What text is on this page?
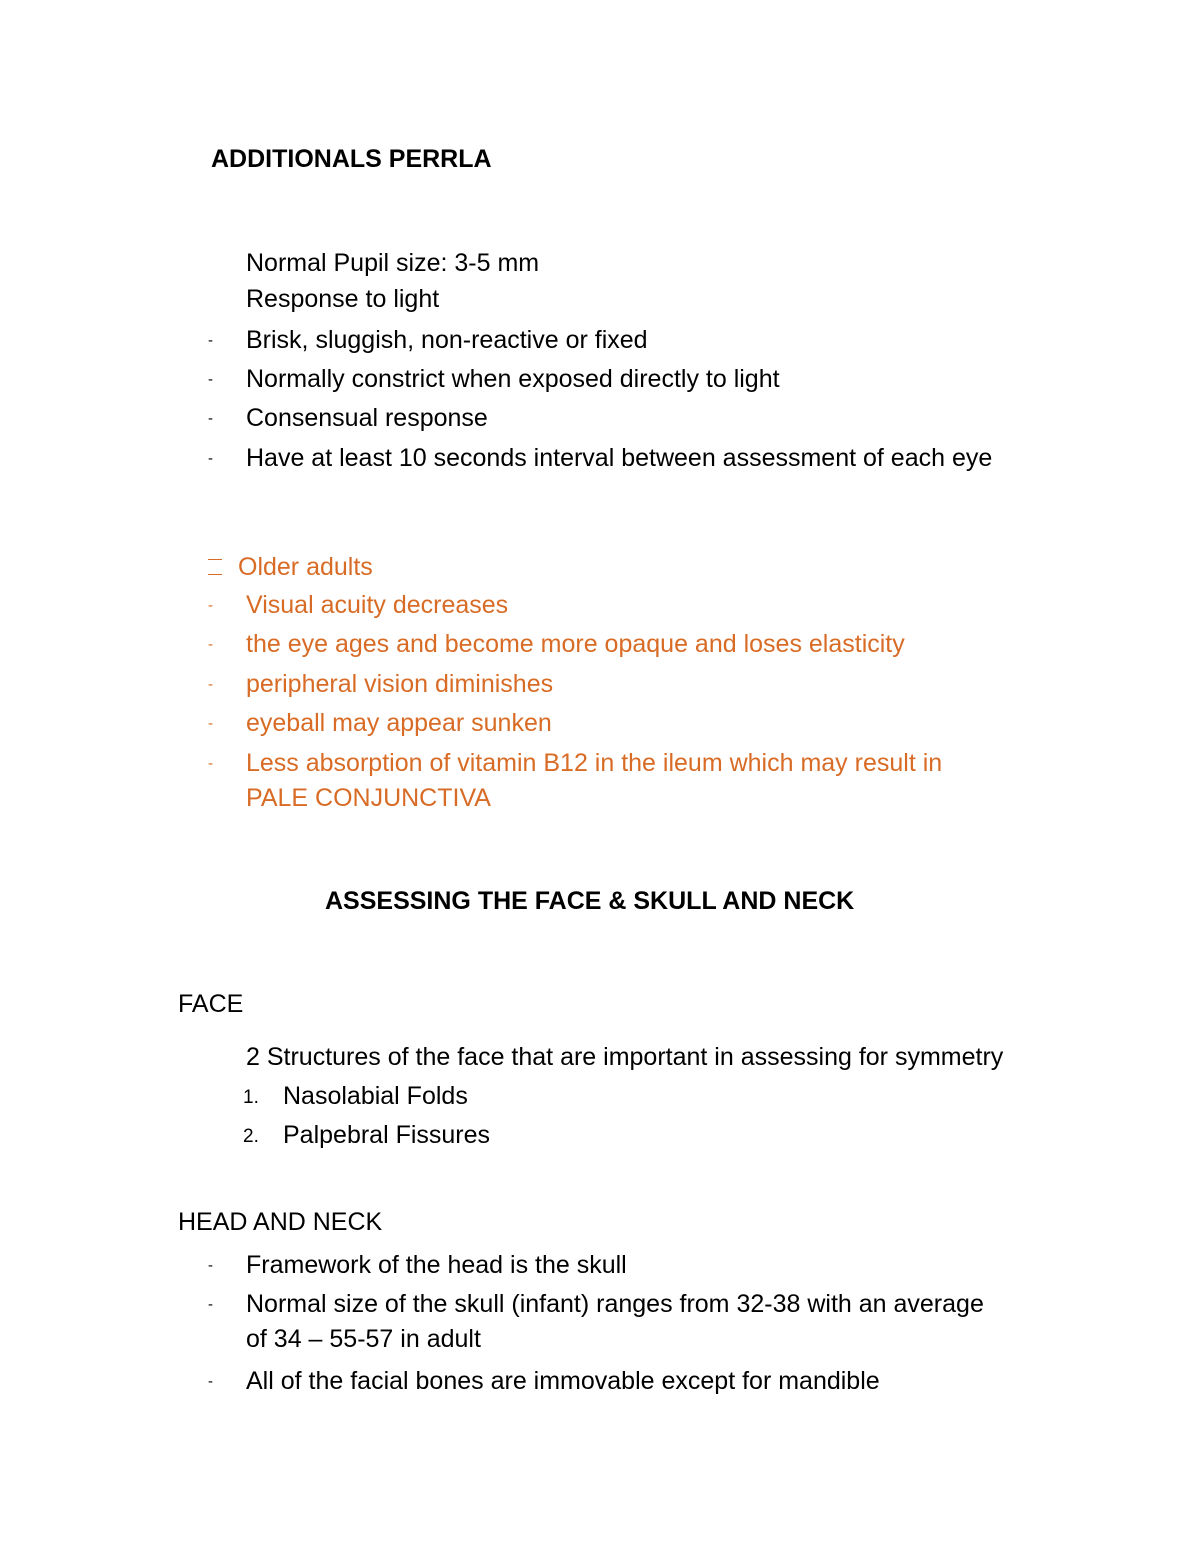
ADDITIONALS PERRLA
Normal Pupil size: 3-5 mm
Response to light
- Brisk, sluggish, non-reactive or fixed
- Normally constrict when exposed directly to light
- Consensual response
- Have at least 10 seconds interval between assessment of each eye
Older adults
- Visual acuity decreases
- the eye ages and become more opaque and loses elasticity
- peripheral vision diminishes
- eyeball may appear sunken
- Less absorption of vitamin B12 in the ileum which may result in
PALE CONJUNCTIVA
ASSESSING THE FACE & SKULL AND NECK
FACE
2 Structures of the face that are important in assessing for symmetry
1. Nasolabial Folds
2. Palpebral Fissures
HEAD AND NECK
- Framework of the head is the skull
- Normal size of the skull (infant) ranges from 32-38 with an average
of 34 – 55-57 in adult
- All of the facial bones are immovable except for mandible
